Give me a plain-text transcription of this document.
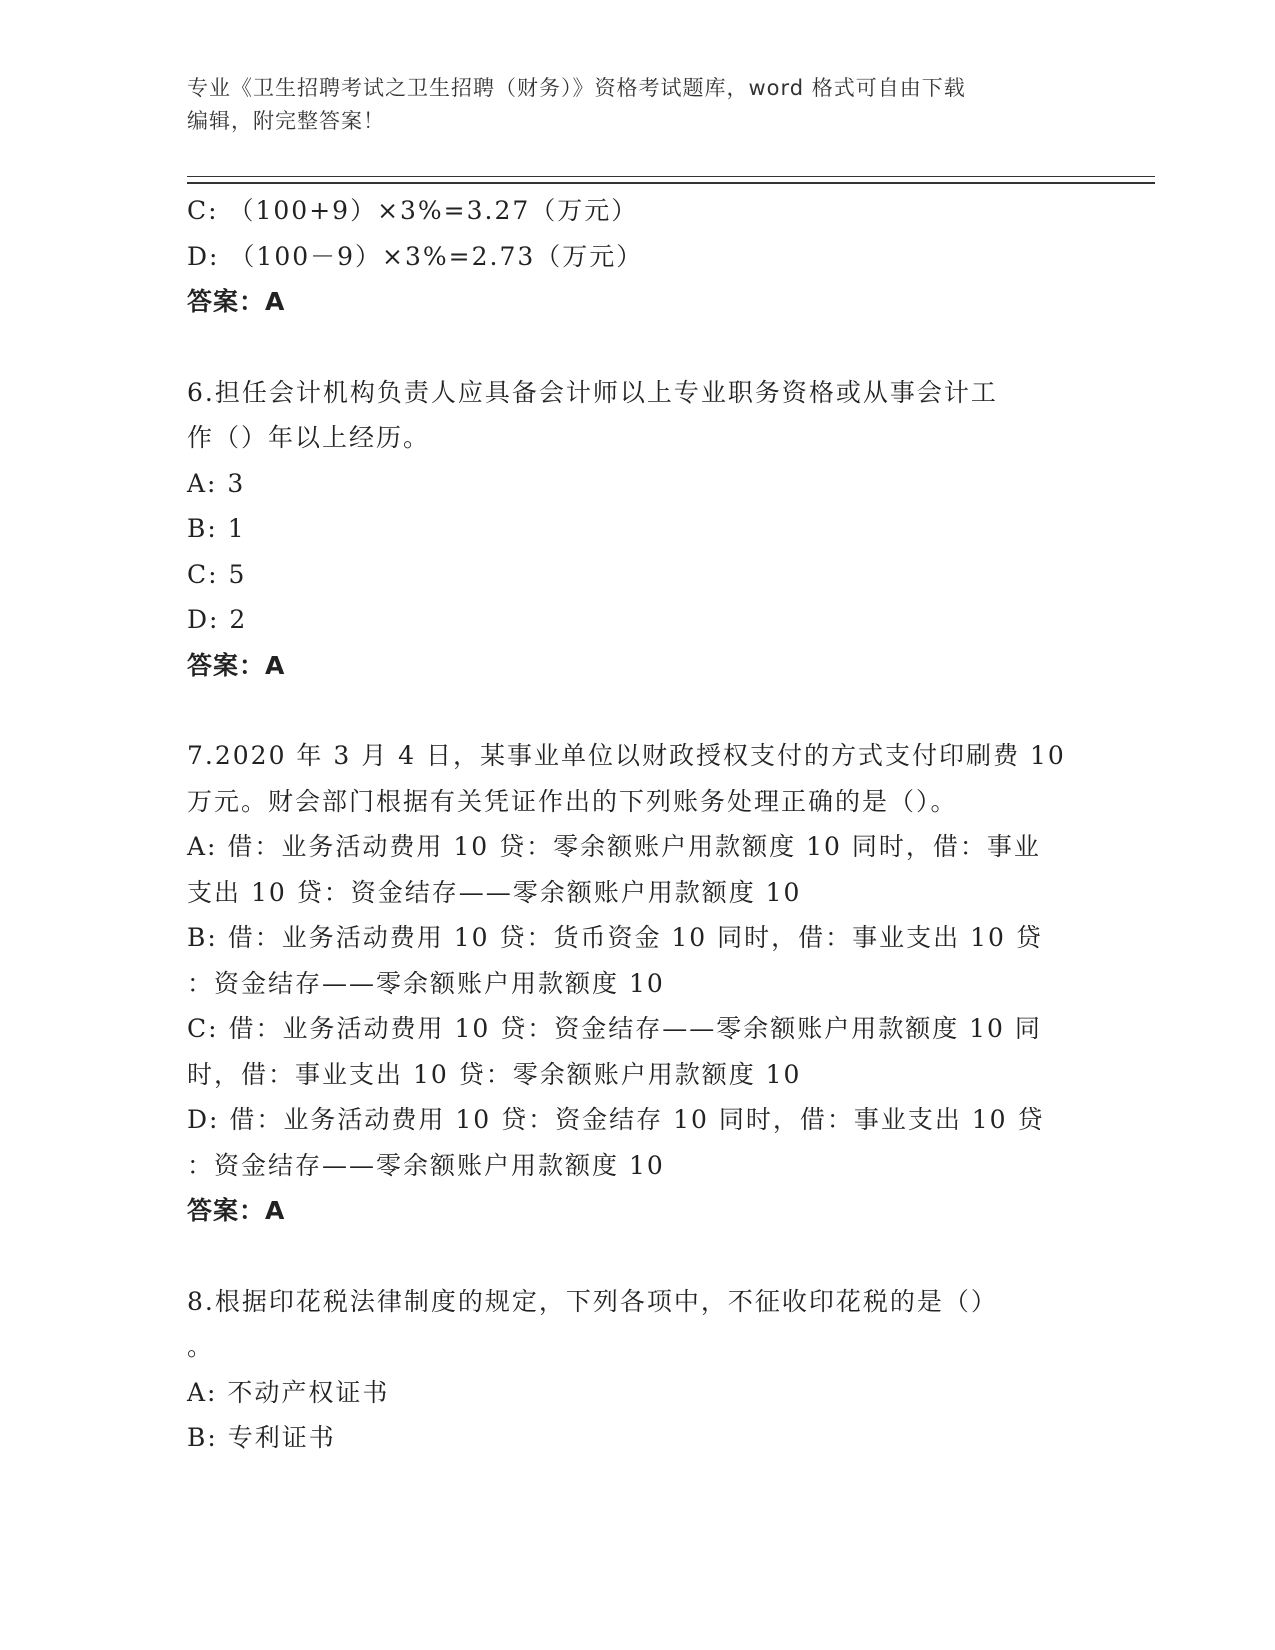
专业《卫生招聘考试之卫生招聘（财务）》资格考试题库，word 格式可自由下载
编辑，附完整答案！
C: （100+9）×3%=3.27（万元）
D: （100－9）×3%=2.73（万元）
答案：A
6.担任会计机构负责人应具备会计师以上专业职务资格或从事会计工
作（）年以上经历。
A: 3
B: 1
C: 5
D: 2
答案：A
7.2020 年 3 月 4 日，某事业单位以财政授权支付的方式支付印刷费 10
万元。财会部门根据有关凭证作出的下列账务处理正确的是（）。
A: 借：业务活动费用 10 贷：零余额账户用款额度 10 同时，借：事业
支出 10 贷：资金结存——零余额账户用款额度 10
B: 借：业务活动费用 10 贷：货币资金 10 同时，借：事业支出 10 贷
：资金结存——零余额账户用款额度 10
C: 借：业务活动费用 10 贷：资金结存——零余额账户用款额度 10 同
时，借：事业支出 10 贷：零余额账户用款额度 10
D: 借：业务活动费用 10 贷：资金结存 10 同时，借：事业支出 10 贷
：资金结存——零余额账户用款额度 10
答案：A
8.根据印花税法律制度的规定，下列各项中，不征收印花税的是（）
。
A: 不动产权证书
B: 专利证书
